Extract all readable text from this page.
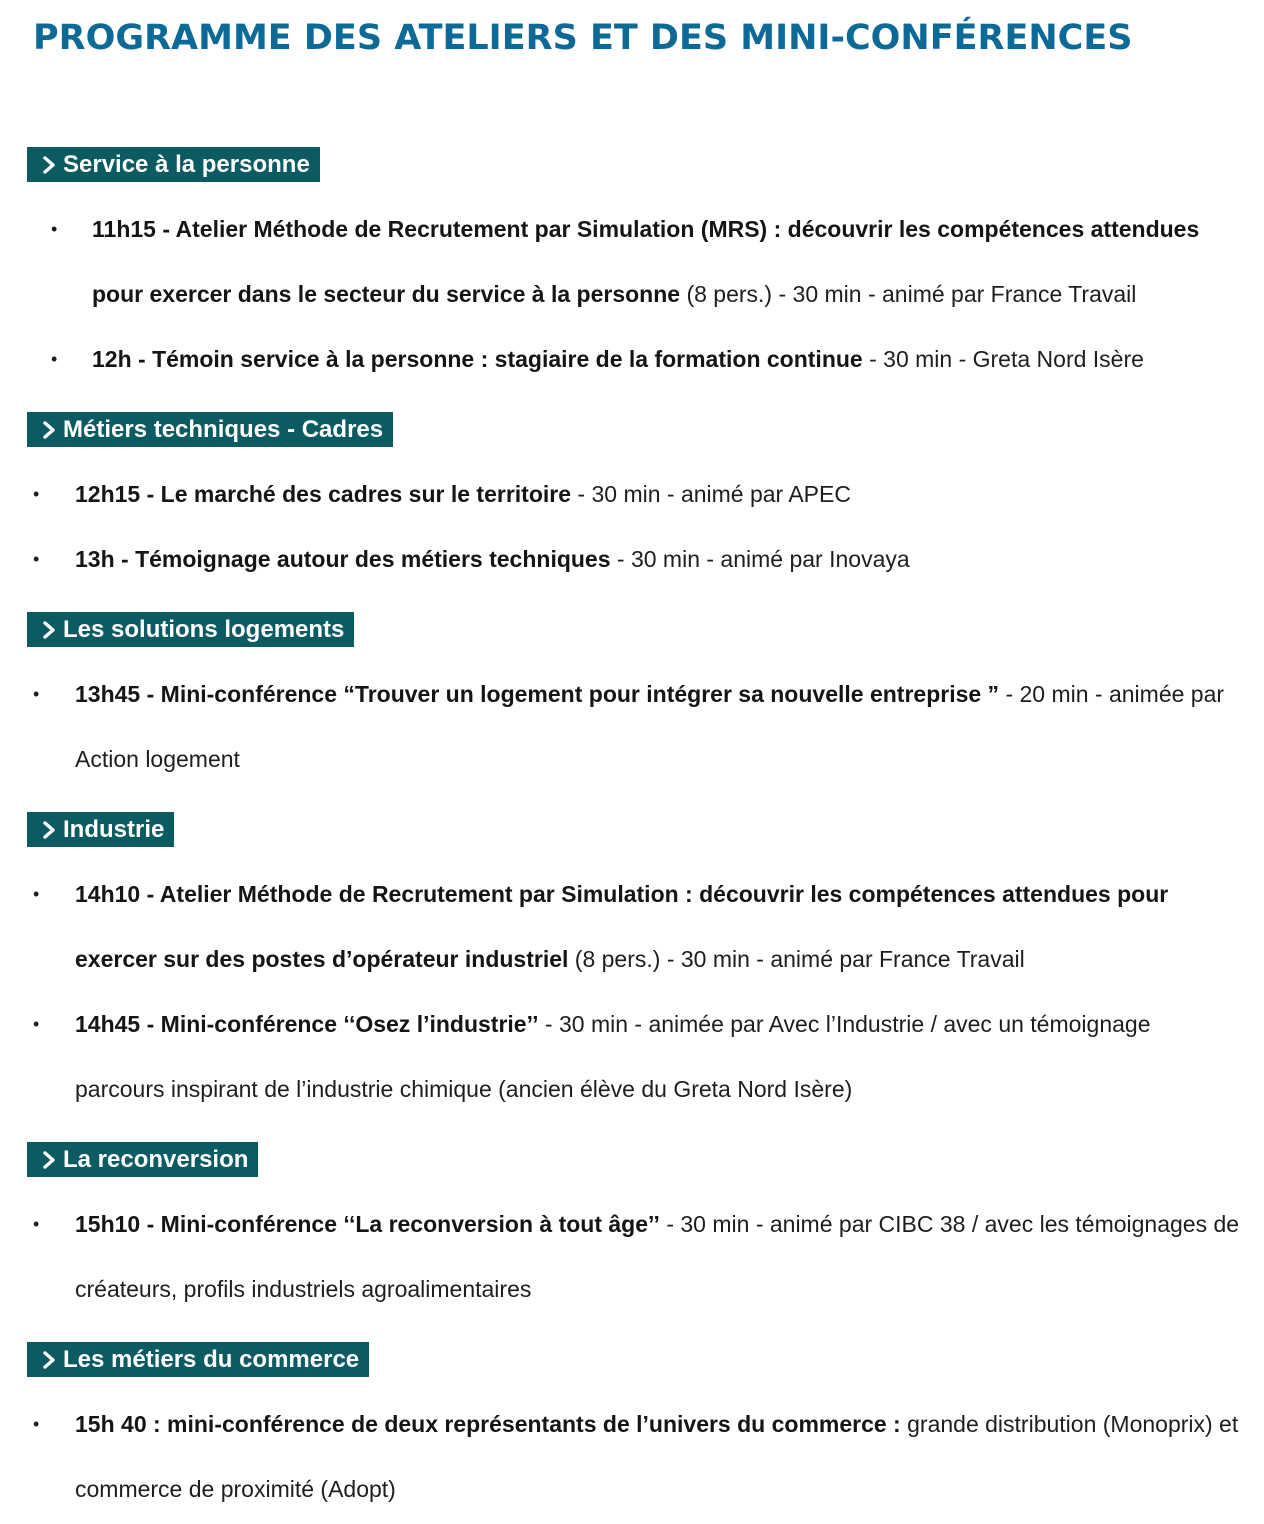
PROGRAMME DES ATELIERS ET DES MINI-CONFÉRENCES
Service à la personne
• 11h15 - Atelier Méthode de Recrutement par Simulation (MRS) : découvrir les compétences attendues pour exercer dans le secteur du service à la personne (8 pers.) - 30 min - animé par France Travail
• 12h - Témoin service à la personne : stagiaire de la formation continue - 30 min - Greta Nord Isère
Métiers techniques - Cadres
• 12h15 - Le marché des cadres sur le territoire - 30 min - animé par APEC
• 13h - Témoignage autour des métiers techniques - 30 min - animé par Inovaya
Les solutions logements
• 13h45 - Mini-conférence “Trouver un logement pour intégrer sa nouvelle entreprise ” - 20 min - animée par Action logement
Industrie
• 14h10 - Atelier Méthode de Recrutement par Simulation : découvrir les compétences attendues pour exercer sur des postes d’opérateur industriel (8 pers.) - 30 min - animé par France Travail
• 14h45 - Mini-conférence ‘‘Osez l’industrie’’ - 30 min - animée par Avec l’Industrie / avec un témoignage parcours inspirant de l’industrie chimique (ancien élève du Greta Nord Isère)
La reconversion
• 15h10 - Mini-conférence ‘‘La reconversion à tout âge’’ - 30 min - animé par CIBC 38 / avec les témoignages de créateurs, profils industriels agroalimentaires
Les métiers du commerce
• 15h 40 : mini-conférence de deux représentants de l’univers du commerce : grande distribution (Monoprix) et commerce de proximité (Adopt)
